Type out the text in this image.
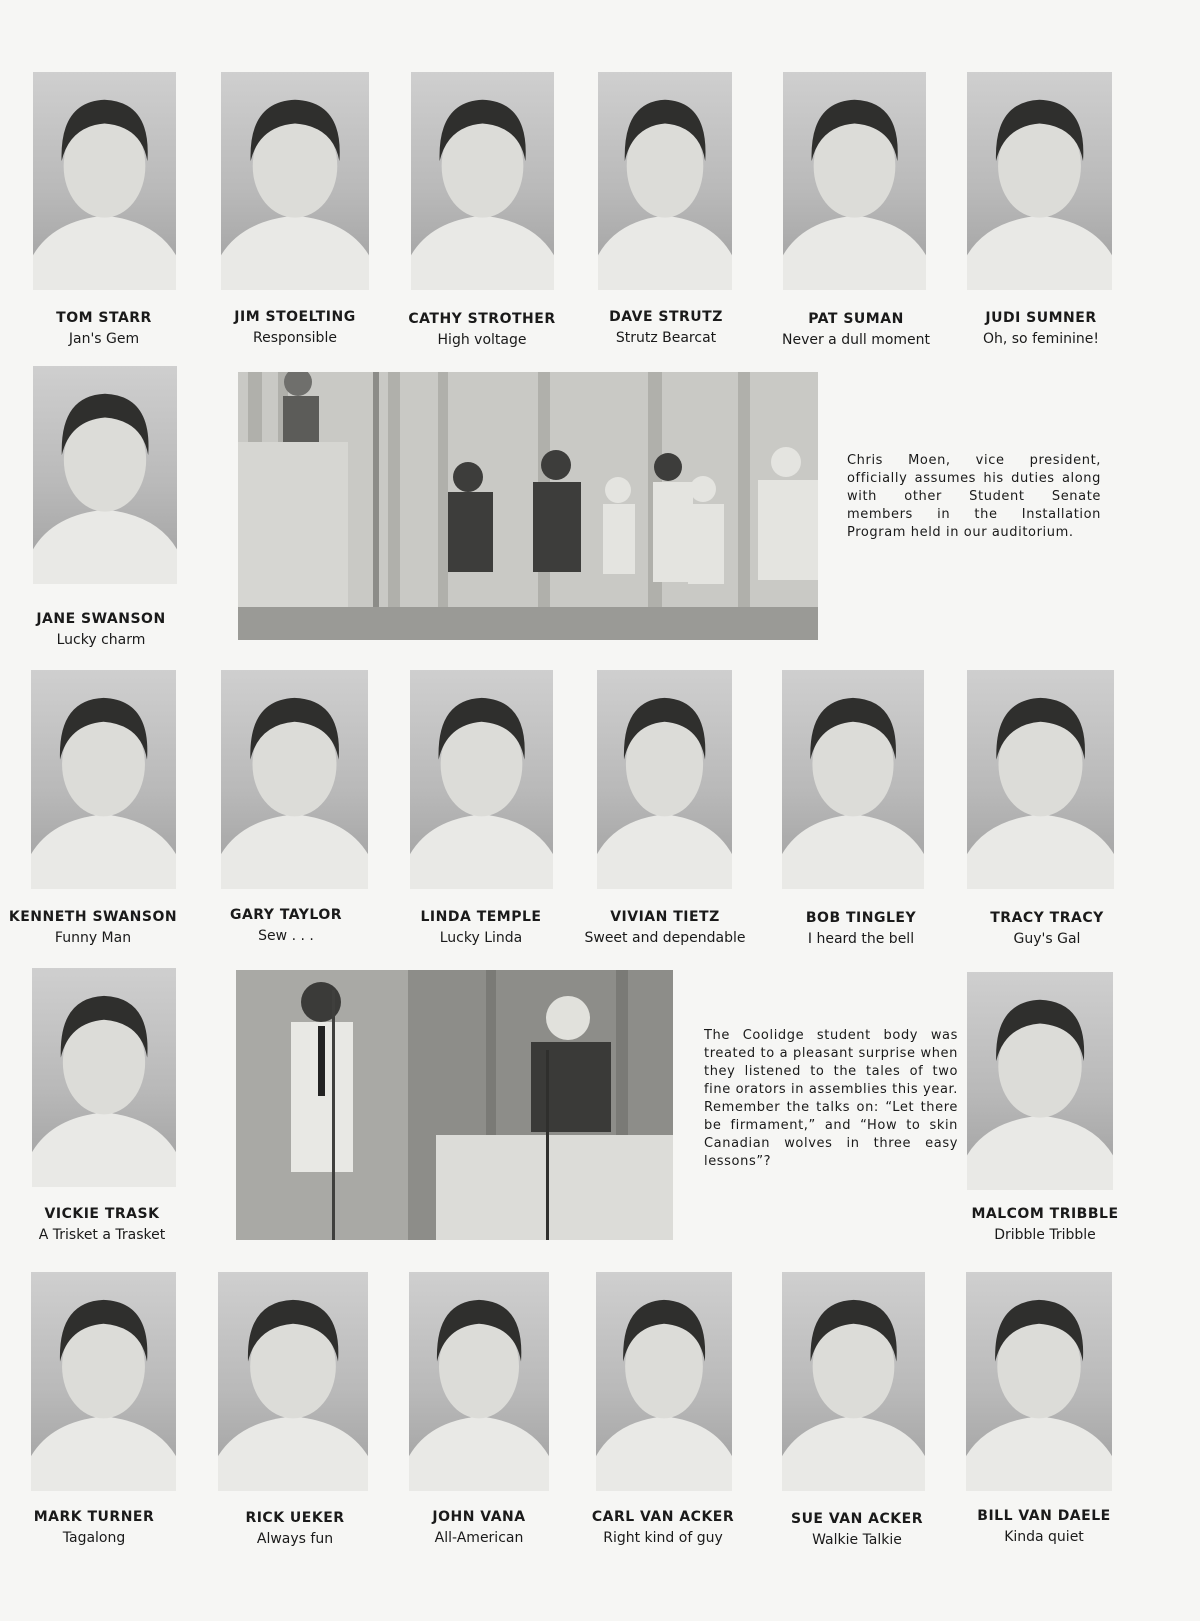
TOM STARR
Jan's Gem
JIM STOELTING
Responsible
CATHY STROTHER
High voltage
DAVE STRUTZ
Strutz Bearcat
PAT SUMAN
Never a dull moment
JUDI SUMNER
Oh, so feminine!
JANE SWANSON
Lucky charm
Chris Moen, vice president, officially assumes his duties along with other Student Senate members in the Installation Program held in our auditorium.
KENNETH SWANSON
Funny Man
GARY TAYLOR
Sew . . .
LINDA TEMPLE
Lucky Linda
VIVIAN TIETZ
Sweet and dependable
BOB TINGLEY
I heard the bell
TRACY TRACY
Guy's Gal
VICKIE TRASK
A Trisket a Trasket
The Coolidge student body was treated to a pleasant surprise when they listened to the tales of two fine orators in assemblies this year. Remember the talks on: “Let there be firmament,” and “How to skin Canadian wolves in three easy lessons”?
MALCOM TRIBBLE
Dribble Tribble
MARK TURNER
Tagalong
RICK UEKER
Always fun
JOHN VANA
All-American
CARL VAN ACKER
Right kind of guy
SUE VAN ACKER
Walkie Talkie
BILL VAN DAELE
Kinda quiet
